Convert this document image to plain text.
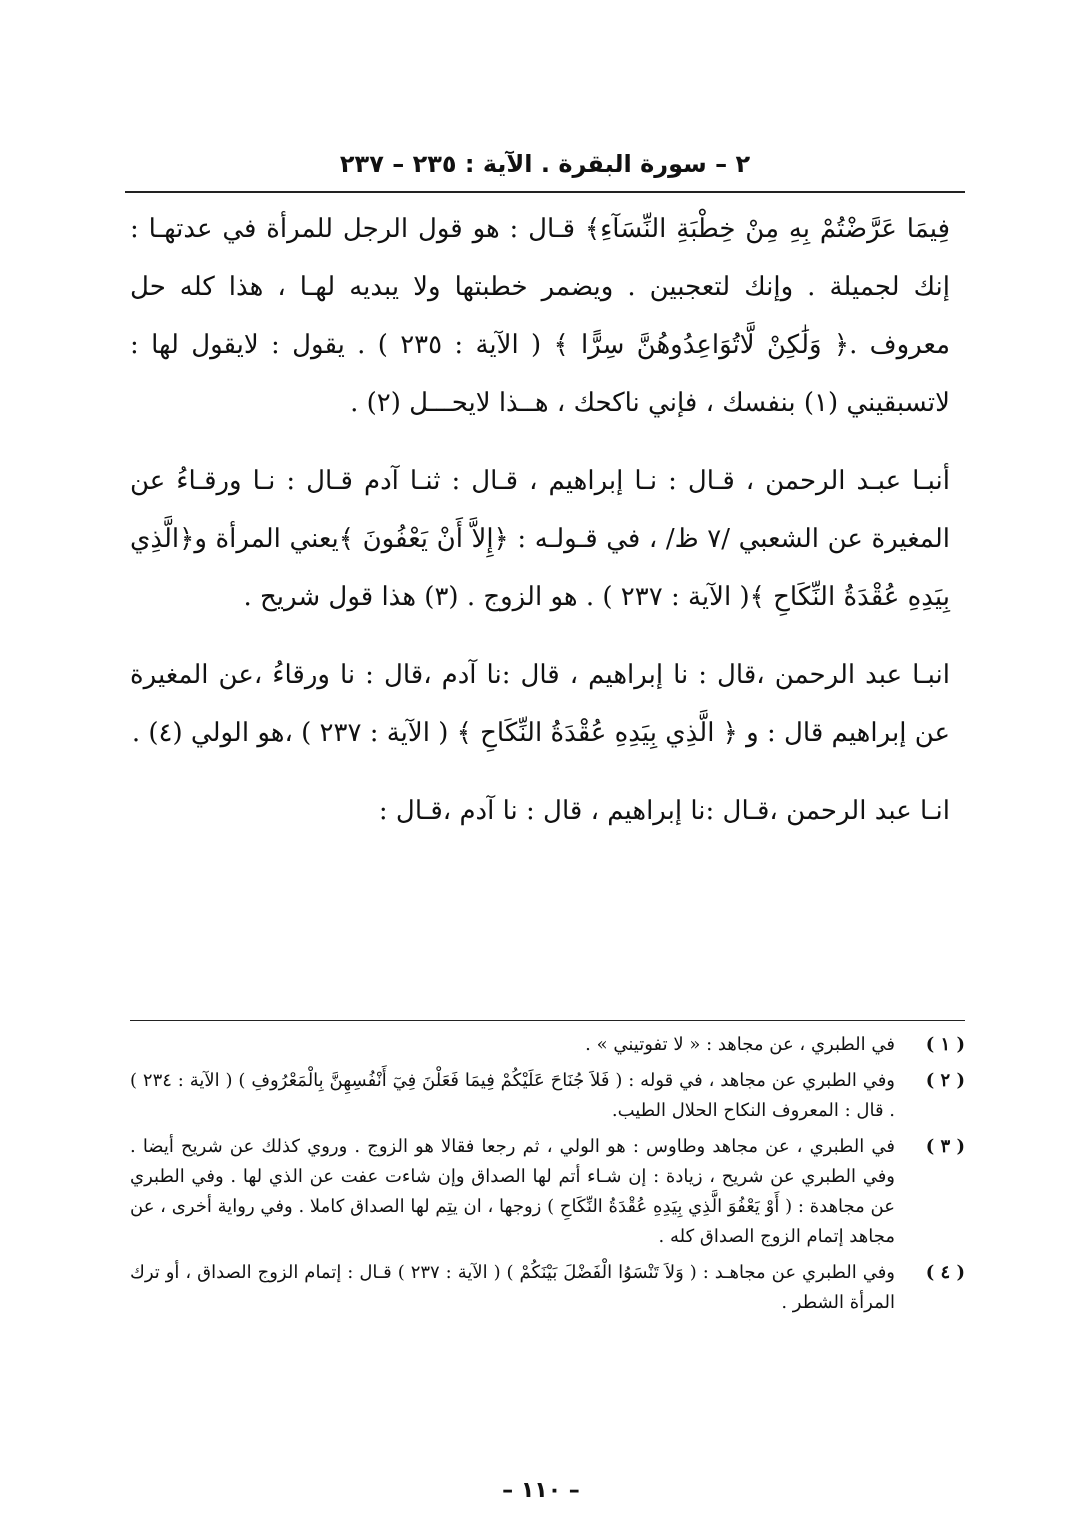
٢ – سورة البقرة . الآية : ٢٣٥ – ٢٣٧

فِيمَا عَرَّضْتُمْ بِهِ مِنْ خِطْبَةِ النِّسَآءِ﴾ قـال : هو قول الرجل للمرأة في عدتهـا : إنك لجميلة . وإنك لتعجبين . ويضمر خطبتها ولا يبديه لهـا ، هذا كله حل معروف .﴿ وَلَٰكِنْ لَّاتُوَاعِدُوهُنَّ سِرًّا ﴾ ( الآية : ٢٣٥ ) . يقول : لايقول لها : لاتسبقيني (١) بنفسك ، فإني ناكحك ، هــذا لايحـــل (٢) .

أنبـا عبـد الرحمن ، قـال : نـا إبراهيم ، قـال : ثنـا آدم قـال : نـا ورقـاءُ عن المغيرة عن الشعبي /٧ ظ/ ، في قـولـه : ﴿إِلاَّ أَنْ يَعْفُونَ ﴾يعني المرأة و﴿الَّذِي بِيَدِهِ عُقْدَةُ النِّكَاحِ ﴾( الآية : ٢٣٧ ) . هو الزوج . (٣) هذا قول شريح .

انبـا عبد الرحمن ،قال : نا إبراهيم ، قال :نا آدم ،قال : نا ورقاءُ ،عن المغيرة عن إبراهيم قال : و ﴿ الَّذِي بِيَدِهِ عُقْدَةُ النِّكَاحِ ﴾ ( الآية : ٢٣٧ ) ،هو الولي (٤) .

انـا عبد الرحمن ،قـال :نا إبراهيم ، قال : نا آدم ،قـال :

( ١ )
في الطبري ، عن مجاهد : « لا تفوتيني » .
( ٢ )
وفي الطبري عن مجاهد ، في قوله : ( فَلاَ جُنَاحَ عَلَيْكُمْ فِيمَا فَعَلْنَ فِيٓ أَنْفُسِهِنَّ بِالْمَعْرُوفِ ) ( الآية : ٢٣٤ ) . قال : المعروف النكاح الحلال الطيب.
( ٣ )
في الطبري ، عن مجاهد وطاوس : هو الولي ، ثم رجعا فقالا هو الزوج . وروي كذلك عن شريح أيضا . وفي الطبري عن شريح ، زيادة : إن شـاء أتم لها الصداق وإن شاءت عفت عن الذي لها . وفي الطبري عن مجاهدة : ( أَوْ يَعْفُوَ الَّذِي بِيَدِهِ عُقْدَةُ النِّكَاحِ ) زوجها ، ان يتِم لها الصداق كاملا . وفي رواية أخرى ، عن مجاهد إتمام الزوج الصداق كله .
( ٤ )
وفي الطبري عن مجاهـد : ( وَلاَ تَنْسَوُا الْفَضْلَ بَيْنَكُمْ ) ( الآية : ٢٣٧ ) قـال : إتمام الزوج الصداق ، أو ترك المرأة الشطر .
– ١١٠ –
